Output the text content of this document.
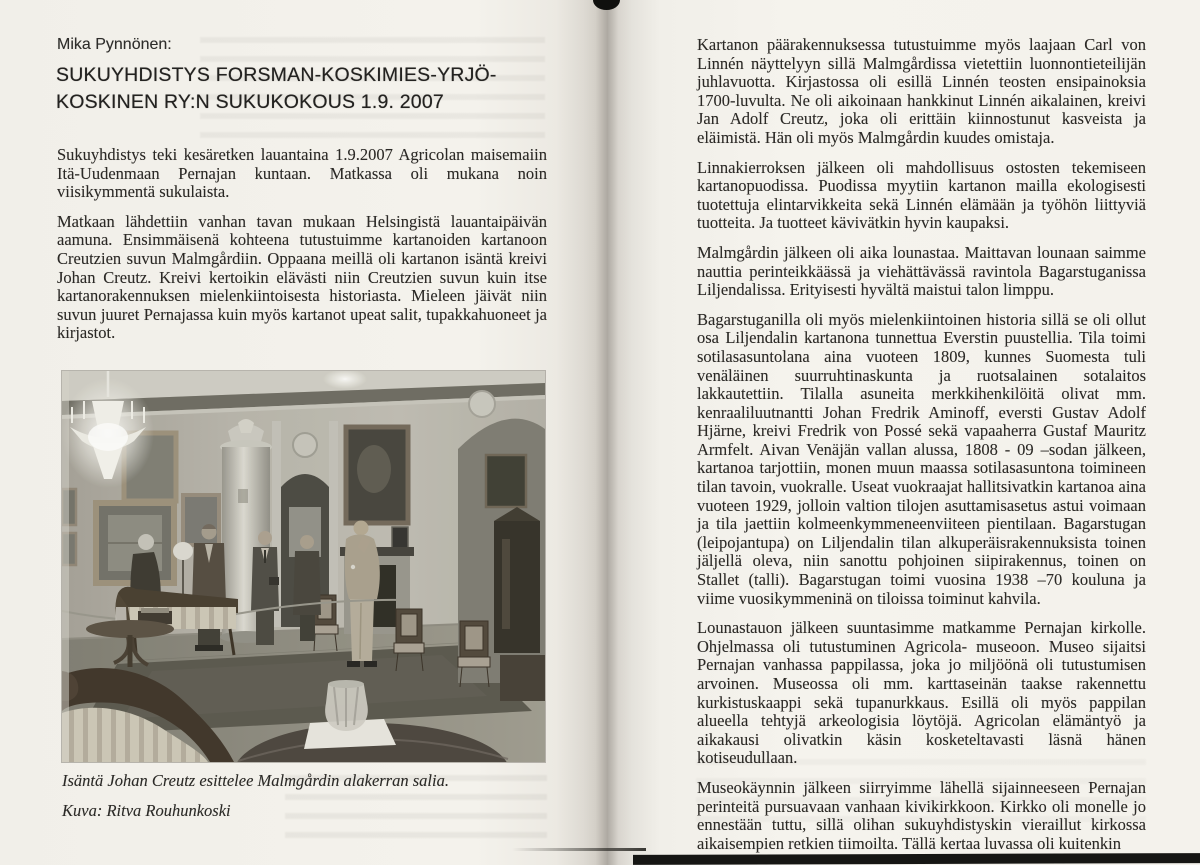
Mika Pynnönen:
SUKUYHDISTYS FORSMAN-KOSKIMIES-YRJÖ-
KOSKINEN RY:N SUKUKOKOUS 1.9. 2007

Sukuyhdistys teki kesäretken lauantaina 1.9.2007 Agricolan maisemaiin Itä-Uudenmaan Pernajan kuntaan. Matkassa oli mukana noin viisikymmentä sukulaista.

Matkaan lähdettiin vanhan tavan mukaan Helsingistä lauantaipäivän aamuna. Ensimmäisenä kohteena tutustuimme kartanoiden kartanoon Creutzien suvun Malmgårdiin. Oppaana meillä oli kartanon isäntä kreivi Johan Creutz. Kreivi kertoikin elävästi niin Creutzien suvun kuin itse kartanorakennuksen mielenkiintoisesta historiasta. Mieleen jäivät niin suvun juuret Pernajassa kuin myös kartanot upeat salit, tupakkahuoneet ja kirjastot.

Isäntä Johan Creutz esittelee Malmgårdin alakerran salia.
Kuva: Ritva Rouhunkoski

Kartanon päärakennuksessa tutustuimme myös laajaan Carl von Linnén näyttelyyn sillä Malmgårdissa vietettiin luonnontieteilijän juhlavuotta. Kirjastossa oli esillä Linnén teosten ensipainoksia 1700-luvulta. Ne oli aikoinaan hankkinut Linnén aikalainen, kreivi Jan Adolf Creutz, joka oli erittäin kiinnostunut kasveista ja eläimistä. Hän oli myös Malmgårdin kuudes omistaja.

Linnakierroksen jälkeen oli mahdollisuus ostosten tekemiseen kartanopuodissa. Puodissa myytiin kartanon mailla ekologisesti tuotettuja elintarvikkeita sekä Linnén elämään ja työhön liittyviä tuotteita. Ja tuotteet kävivätkin hyvin kaupaksi.

Malmgårdin jälkeen oli aika lounastaa. Maittavan lounaan saimme nauttia perinteikkäässä ja viehättävässä ravintola Bagarstuganissa Liljendalissa. Erityisesti hyvältä maistui talon limppu.

Bagarstuganilla oli myös mielenkiintoinen historia sillä se oli ollut osa Liljendalin kartanona tunnettua Everstin puustellia. Tila toimi sotilasasuntolana aina vuoteen 1809, kunnes Suomesta tuli venäläinen suurruhtinaskunta ja ruotsalainen sotalaitos lakkautettiin. Tilalla asuneita merkkihenkilöitä olivat mm. kenraaliluutnantti Johan Fredrik Aminoff, eversti Gustav Adolf Hjärne, kreivi Fredrik von Possé sekä vapaaherra Gustaf Mauritz Armfelt. Aivan Venäjän vallan alussa, 1808 - 09 –sodan jälkeen, kartanoa tarjottiin, monen muun maassa sotilasasuntona toimineen tilan tavoin, vuokralle. Useat vuokraajat hallitsivatkin kartanoa aina vuoteen 1929, jolloin valtion tilojen asuttamisasetus astui voimaan ja tila jaettiin kolmeenkymmeneenviiteen pientilaan. Bagarstugan (leipojantupa) on Liljendalin tilan alkuperäisrakennuksista toinen jäljellä oleva, niin sanottu pohjoinen siipirakennus, toinen on Stallet (talli). Bagarstugan toimi vuosina 1938 –70 kouluna ja viime vuosikymmeninä on tiloissa toiminut kahvila.

Lounastauon jälkeen suuntasimme matkamme Pernajan kirkolle. Ohjelmassa oli tutustuminen Agricola- museoon. Museo sijaitsi Pernajan vanhassa pappilassa, joka jo miljöönä oli tutustumisen arvoinen. Museossa oli mm. karttaseinän taakse rakennettu kurkistuskaappi sekä tupanurkkaus. Esillä oli myös pappilan alueella tehtyjä arkeologisia löytöjä. Agricolan elämäntyö ja aikakausi olivatkin käsin kosketeltavasti läsnä hänen kotiseudullaan.

Museokäynnin jälkeen siirryimme lähellä sijainneeseen Pernajan perinteitä pursuavaan vanhaan kivikirkkoon. Kirkko oli monelle jo ennestään tuttu, sillä olihan sukuyhdistyskin vieraillut kirkossa aikaisempien retkien tiimoilta. Tällä kertaa luvassa oli kuitenkin
